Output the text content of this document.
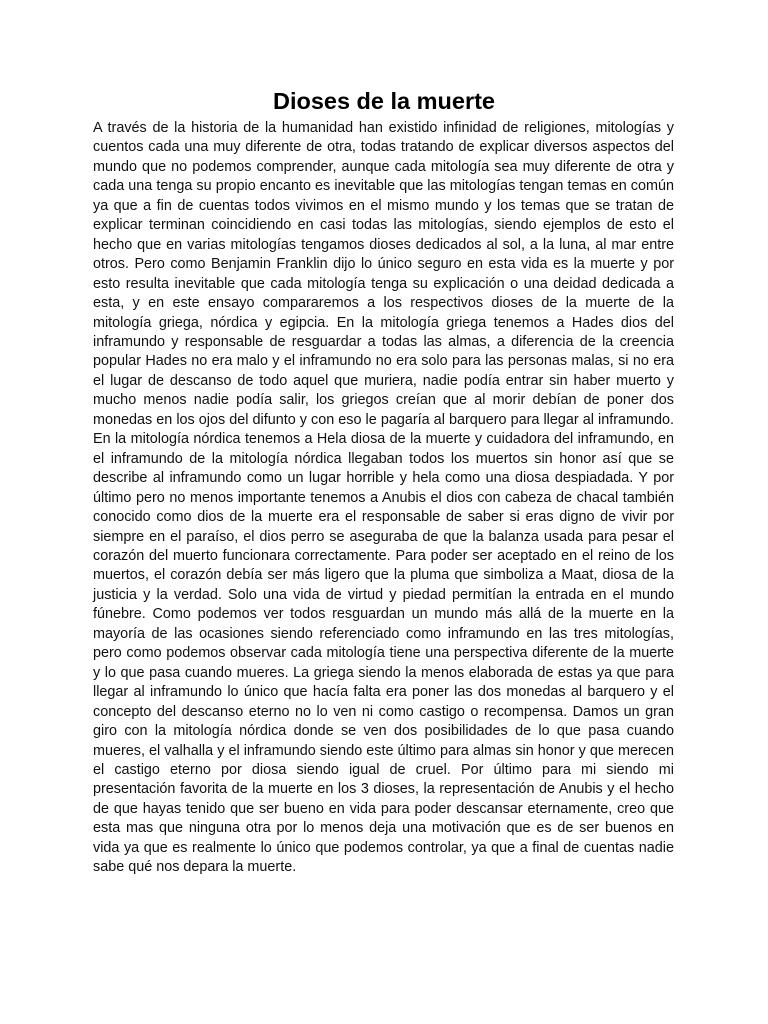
Dioses de la muerte

A través de la historia de la humanidad han existido infinidad de religiones, mitologías y cuentos cada una muy diferente de otra, todas tratando de explicar diversos aspectos del mundo que no podemos comprender, aunque cada mitología sea muy diferente de otra y cada una tenga su propio encanto es inevitable que las mitologías tengan temas en común ya que a fin de cuentas todos vivimos en el mismo mundo y los temas que se tratan de explicar terminan coincidiendo en casi todas las mitologías, siendo ejemplos de esto el hecho que en varias mitologías tengamos dioses dedicados al sol, a la luna, al mar entre otros. Pero como Benjamin Franklin dijo lo único seguro en esta vida es la muerte y por esto resulta inevitable que cada mitología tenga su explicación o una deidad dedicada a esta, y en este ensayo compararemos a los respectivos dioses de la muerte de la mitología griega, nórdica y egipcia. En la mitología griega tenemos a Hades dios del inframundo y responsable de resguardar a todas las almas, a diferencia de la creencia popular Hades no era malo y el inframundo no era solo para las personas malas, si no era el lugar de descanso de todo aquel que muriera, nadie podía entrar sin haber muerto y mucho menos nadie podía salir, los griegos creían que al morir debían de poner dos monedas en los ojos del difunto y con eso le pagaría al barquero para llegar al inframundo. En la mitología nórdica tenemos a Hela diosa de la muerte y cuidadora del inframundo, en el inframundo de la mitología nórdica llegaban todos los muertos sin honor así que se describe al inframundo como un lugar horrible y hela como una diosa despiadada. Y por último pero no menos importante tenemos a Anubis el dios con cabeza de chacal también conocido como dios de la muerte era el responsable de saber si eras digno de vivir por siempre en el paraíso, el dios perro se aseguraba de que la balanza usada para pesar el corazón del muerto funcionara correctamente. Para poder ser aceptado en el reino de los muertos, el corazón debía ser más ligero que la pluma que simboliza a Maat, diosa de la justicia y la verdad. Solo una vida de virtud y piedad permitían la entrada en el mundo fúnebre. Como podemos ver todos resguardan un mundo más allá de la muerte en la mayoría de las ocasiones siendo referenciado como inframundo en las tres mitologías, pero como podemos observar cada mitología tiene una perspectiva diferente de la muerte y lo que pasa cuando mueres. La griega siendo la menos elaborada de estas ya que para llegar al inframundo lo único que hacía falta era poner las dos monedas al barquero y el concepto del descanso eterno no lo ven ni como castigo o recompensa. Damos un gran giro con la mitología nórdica donde se ven dos posibilidades de lo que pasa cuando mueres, el valhalla y el inframundo siendo este último para almas sin honor y que merecen el castigo eterno por diosa siendo igual de cruel. Por último para mi siendo mi presentación favorita de la muerte en los 3 dioses, la representación de Anubis y el hecho de que hayas tenido que ser bueno en vida para poder descansar eternamente, creo que esta mas que ninguna otra por lo menos deja una motivación que es de ser buenos en vida ya que es realmente lo único que podemos controlar, ya que a final de cuentas nadie sabe qué nos depara la muerte.
